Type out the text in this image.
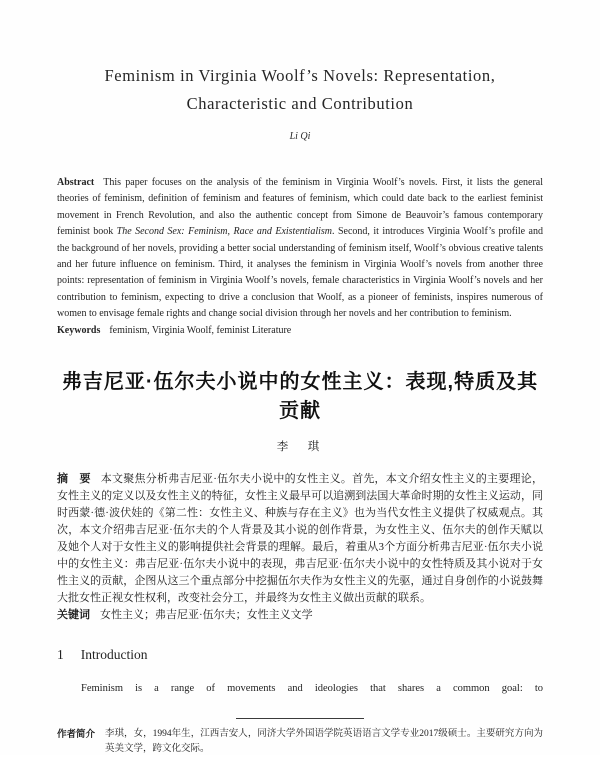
Feminism in Virginia Woolf’s Novels: Representation, Characteristic and Contribution
Li Qi

Abstract This paper focuses on the analysis of the feminism in Virginia Woolf’s novels. First, it lists the general theories of feminism, definition of feminism and features of feminism, which could date back to the earliest feminist movement in French Revolution, and also the authentic concept from Simone de Beauvoir’s famous contemporary feminist book The Second Sex: Feminism, Race and Existentialism. Second, it introduces Virginia Woolf’s profile and the background of her novels, providing a better social understanding of feminism itself, Woolf’s obvious creative talents and her future influence on feminism. Third, it analyses the feminism in Virginia Woolf’s novels from another three points: representation of feminism in Virginia Woolf’s novels, female characteristics in Virginia Woolf’s novels and her contribution to feminism, expecting to drive a conclusion that Woolf, as a pioneer of feminists, inspires numerous of women to envisage female rights and change social division through her novels and her contribution to feminism.

Keywords feminism, Virginia Woolf, feminist Literature

弗吉尼亚·伍尔夫小说中的女性主义：表现,特质及其贡献
李　琪

摘　要 本文聚焦分析弗吉尼亚·伍尔夫小说中的女性主义。首先，本文介绍女性主义的主要理论，女性主义的定义以及女性主义的特征，女性主义最早可以追溯到法国大革命时期的女性主义运动，同时西蒙·德·波伏娃的《第二性：女性主义、种族与存在主义》也为当代女性主义提供了权威观点。其次，本文介绍弗吉尼亚·伍尔夫的个人背景及其小说的创作背景，为女性主义、伍尔夫的创作天赋以及她个人对于女性主义的影响提供社会背景的理解。最后，着重从3个方面分析弗吉尼亚·伍尔夫小说中的女性主义：弗吉尼亚·伍尔夫小说中的表现，弗吉尼亚·伍尔夫小说中的女性特质及其小说对于女性主义的贡献，企图从这三个重点部分中挖掘伍尔夫作为女性主义的先驱，通过自身创作的小说鼓舞大批女性正视女性权利，改变社会分工，并最终为女性主义做出贡献的联系。

关键词 女性主义；弗吉尼亚·伍尔夫；女性主义文学

1 Introduction

Feminism is a range of movements and ideologies that shares a common goal: to

作者简介	李琪，女，1994年生，江西吉安人，同济大学外国语学院英语语言文学专业2017级硕士。主要研究方向为英美文学，跨文化交际。
